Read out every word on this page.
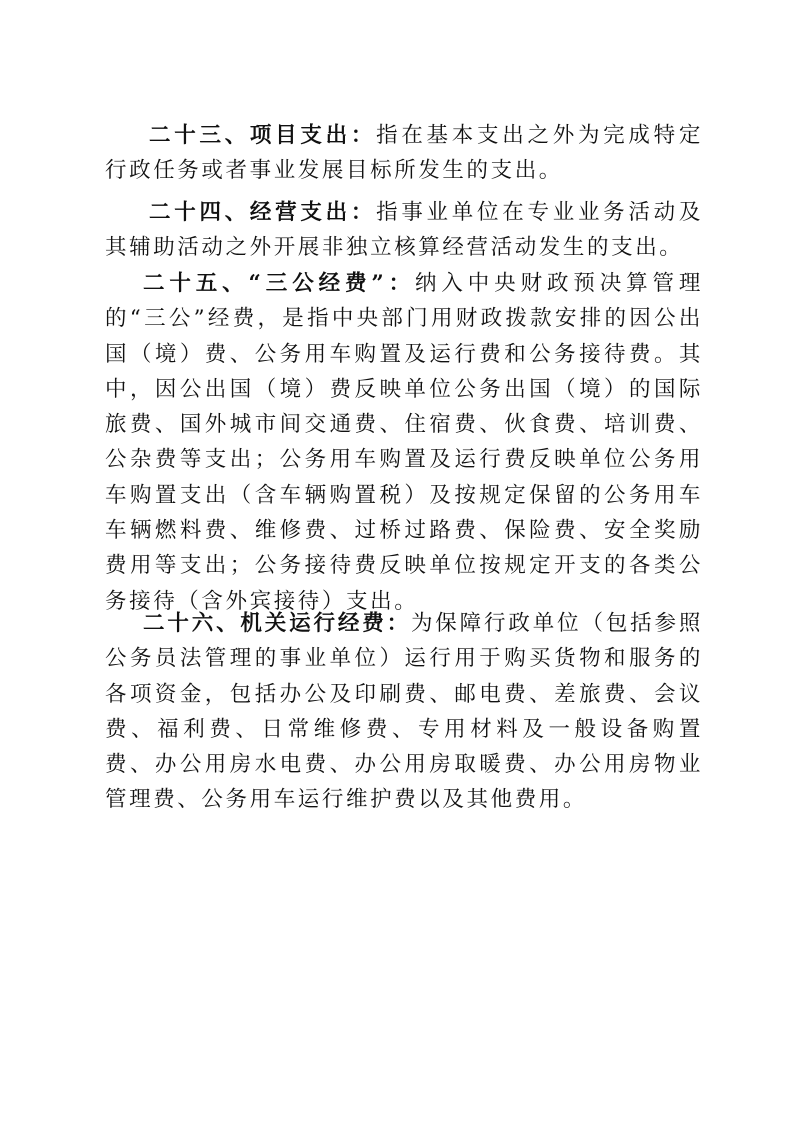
二十三、项目支出：指在基本支出之外为完成特定行政任务或者事业发展目标所发生的支出。

二十四、经营支出：指事业单位在专业业务活动及其辅助活动之外开展非独立核算经营活动发生的支出。

二十五、“三公经费”：纳入中央财政预决算管理的“三公”经费，是指中央部门用财政拨款安排的因公出国（境）费、公务用车购置及运行费和公务接待费。其中，因公出国（境）费反映单位公务出国（境）的国际旅费、国外城市间交通费、住宿费、伙食费、培训费、公杂费等支出；公务用车购置及运行费反映单位公务用车购置支出（含车辆购置税）及按规定保留的公务用车车辆燃料费、维修费、过桥过路费、保险费、安全奖励费用等支出；公务接待费反映单位按规定开支的各类公务接待（含外宾接待）支出。

二十六、机关运行经费：为保障行政单位（包括参照公务员法管理的事业单位）运行用于购买货物和服务的各项资金，包括办公及印刷费、邮电费、差旅费、会议费、福利费、日常维修费、专用材料及一般设备购置费、办公用房水电费、办公用房取暖费、办公用房物业管理费、公务用车运行维护费以及其他费用。
